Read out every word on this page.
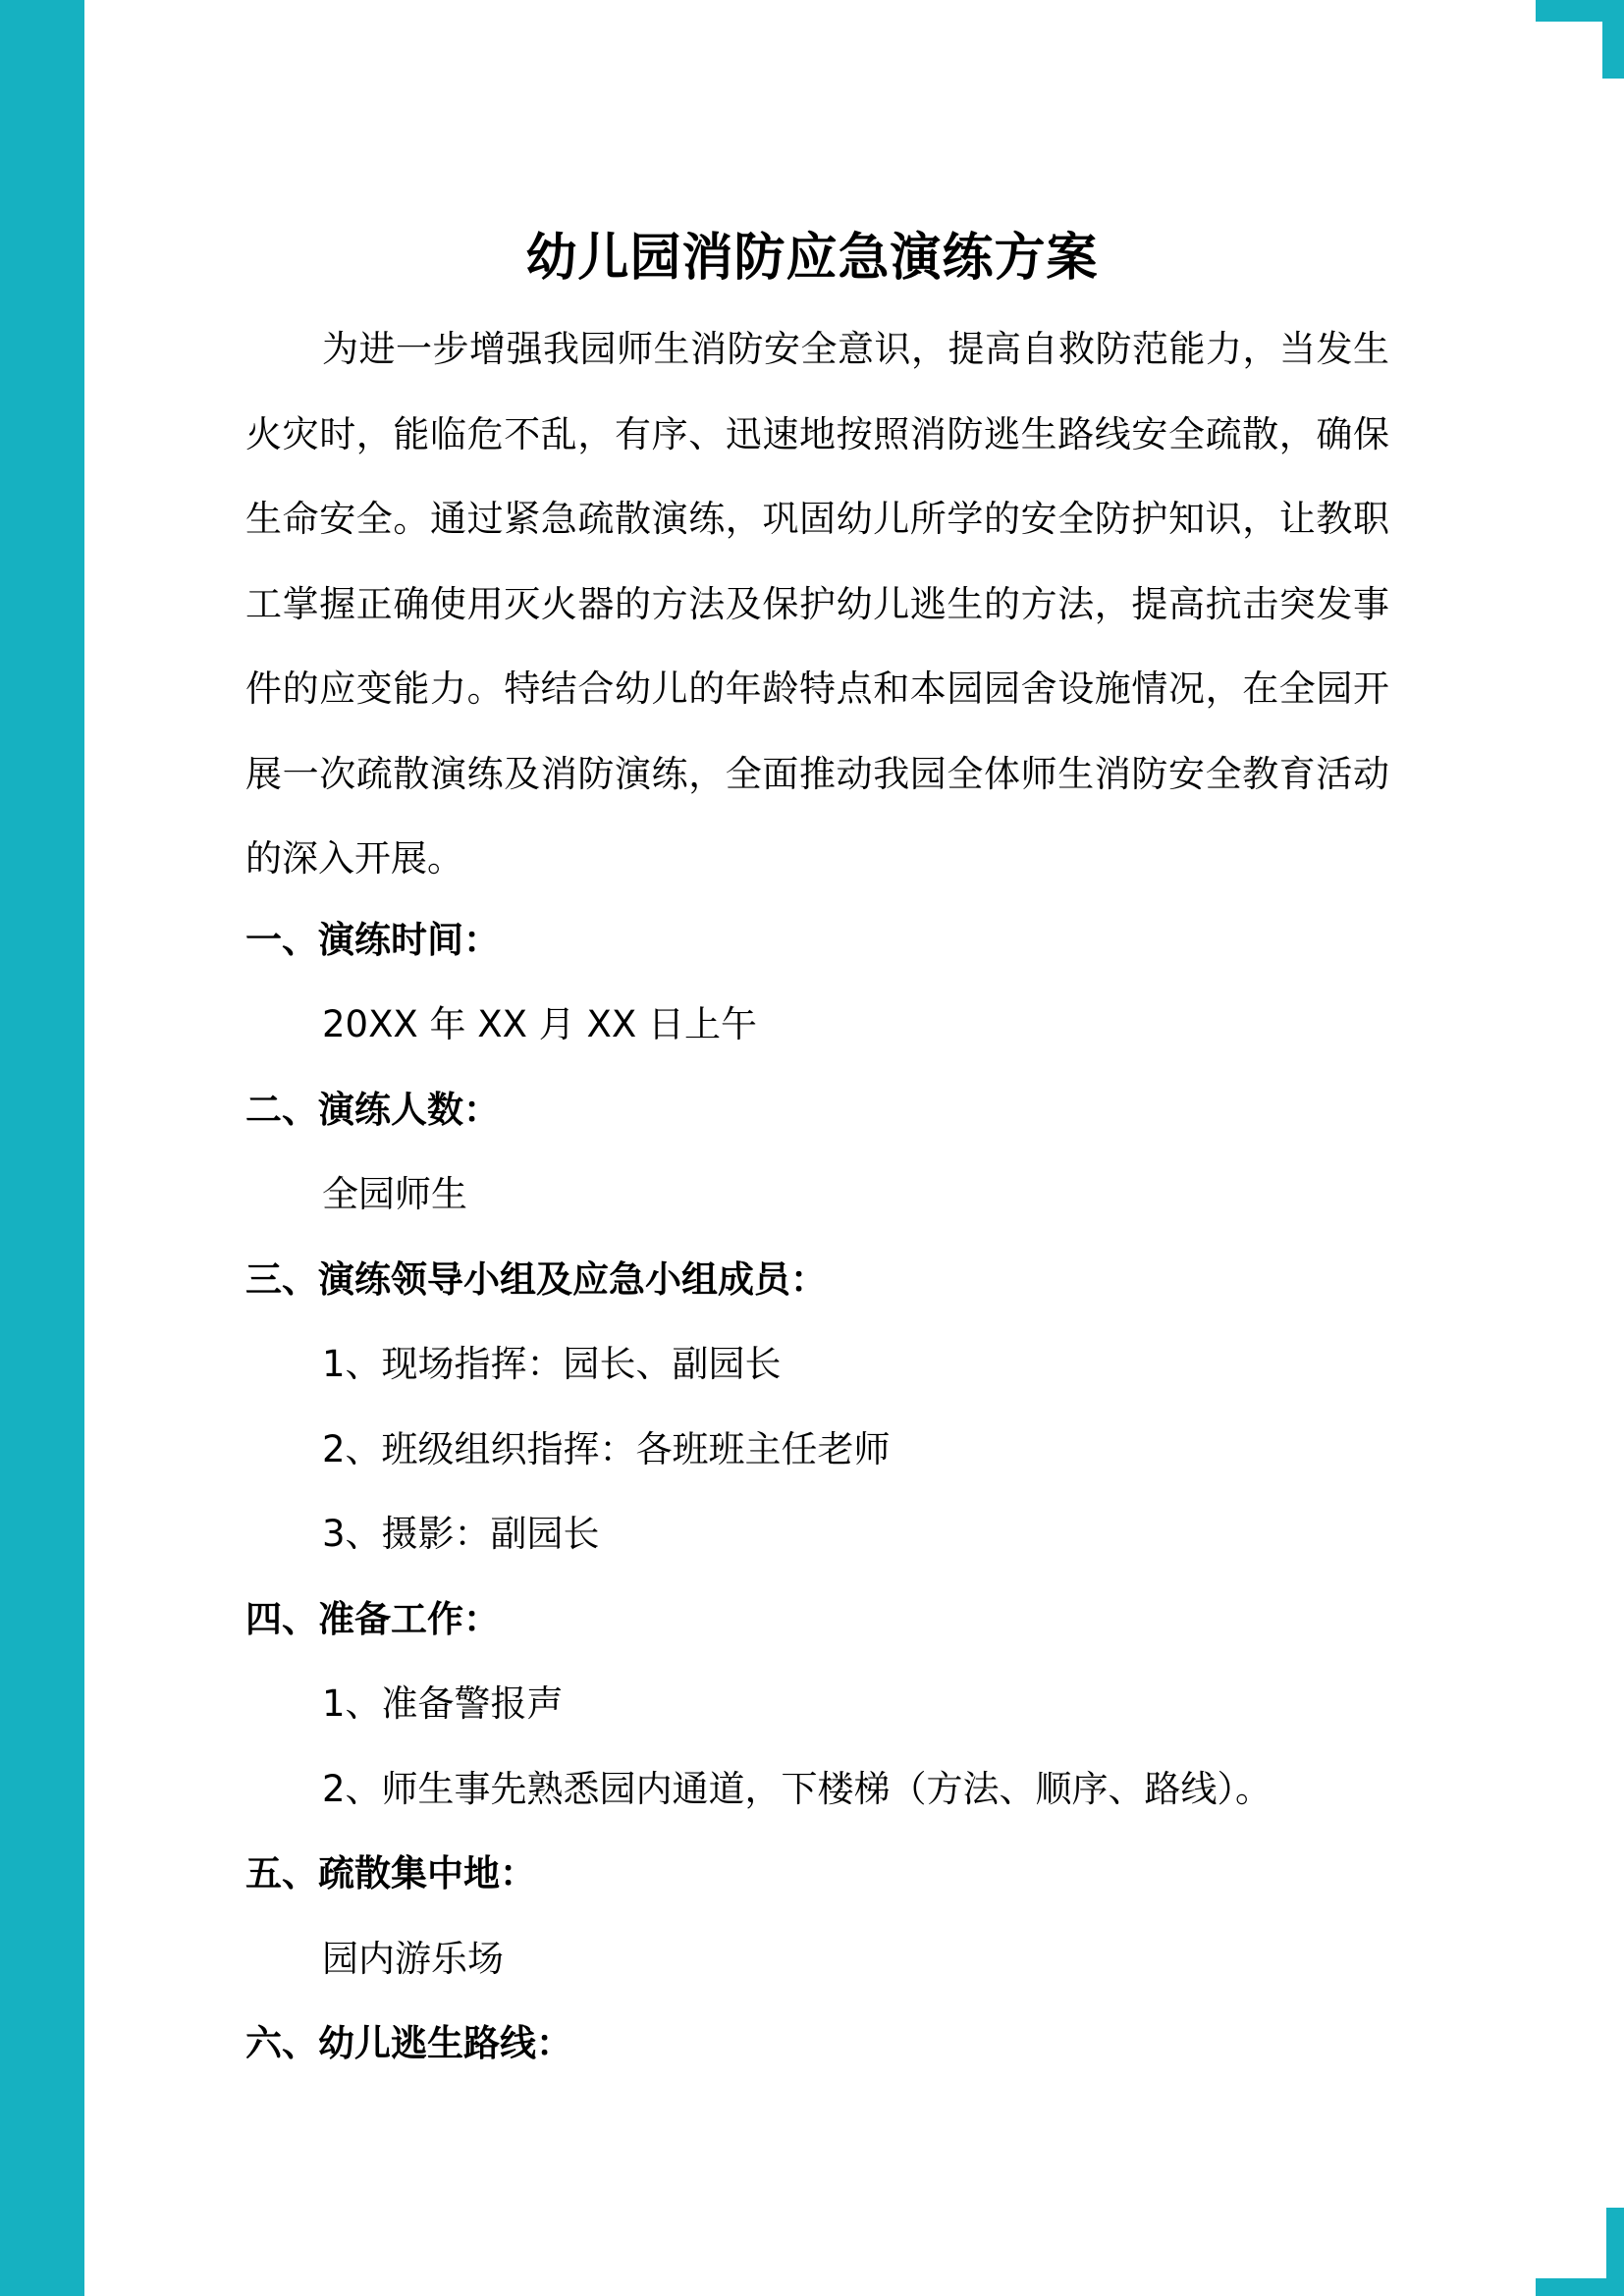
幼儿园消防应急演练方案

为进一步增强我园师生消防安全意识，提高自救防范能力，当发生火灾时，能临危不乱，有序、迅速地按照消防逃生路线安全疏散，确保生命安全。通过紧急疏散演练，巩固幼儿所学的安全防护知识，让教职工掌握正确使用灭火器的方法及保护幼儿逃生的方法，提高抗击突发事件的应变能力。特结合幼儿的年龄特点和本园园舍设施情况，在全园开展一次疏散演练及消防演练，全面推动我园全体师生消防安全教育活动的深入开展。

一、演练时间：
20XX 年 XX 月 XX 日上午
二、演练人数：
全园师生
三、演练领导小组及应急小组成员：
1、现场指挥：园长、副园长
2、班级组织指挥：各班班主任老师
3、摄影：副园长
四、准备工作：
1、准备警报声
2、师生事先熟悉园内通道，下楼梯（方法、顺序、路线）。
五、疏散集中地：
园内游乐场
六、幼儿逃生路线：
